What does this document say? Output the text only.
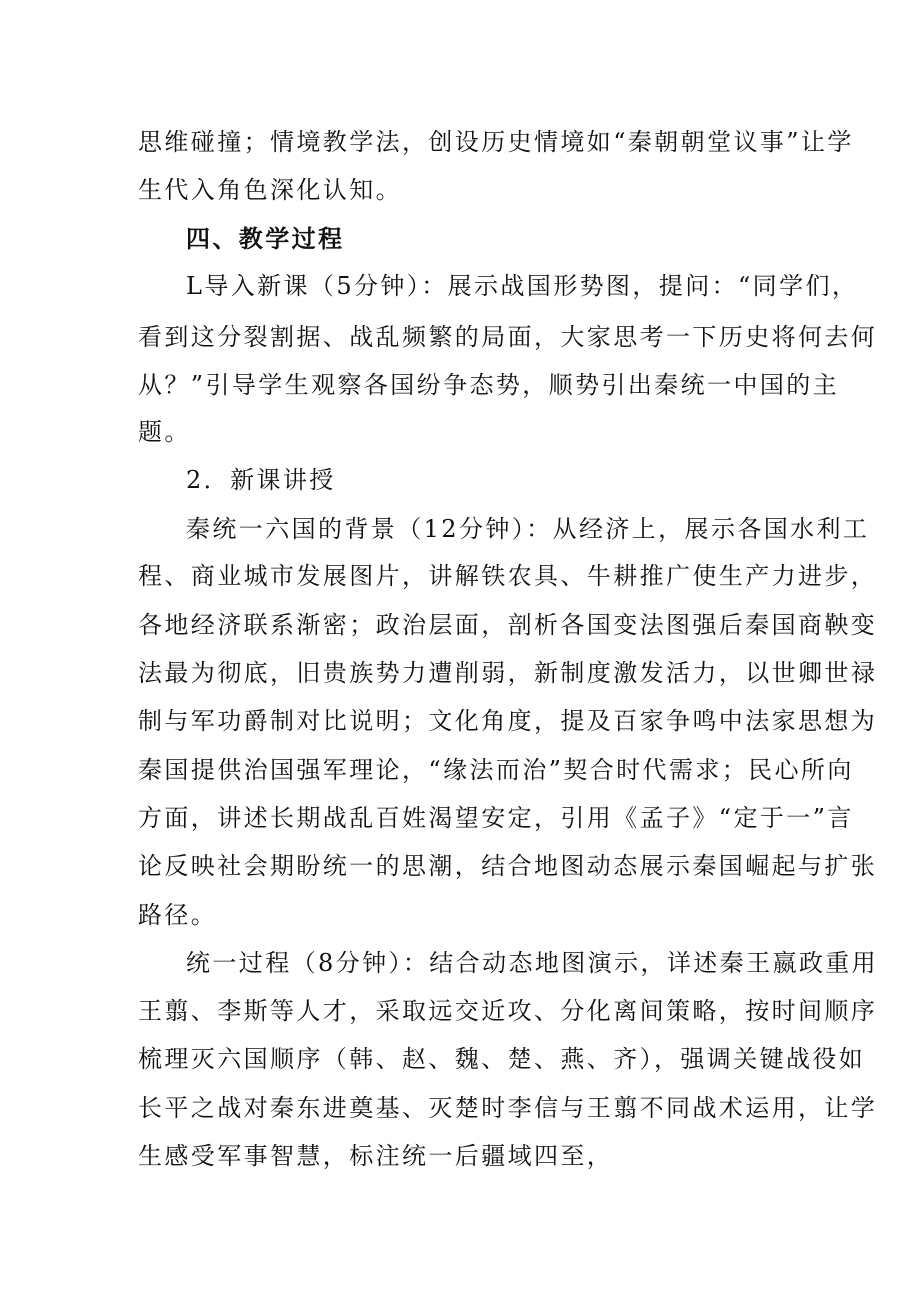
思维碰撞；情境教学法，创设历史情境如“秦朝朝堂议事”让学
生代入角色深化认知。
四、教学过程
L导入新课（5分钟）：展示战国形势图，提问：“同学们，
看到这分裂割据、战乱频繁的局面，大家思考一下历史将何去何
从？”引导学生观察各国纷争态势，顺势引出秦统一中国的主
题。
2．新课讲授
秦统一六国的背景（12分钟）：从经济上，展示各国水利工
程、商业城市发展图片，讲解铁农具、牛耕推广使生产力进步，
各地经济联系渐密；政治层面，剖析各国变法图强后秦国商鞅变
法最为彻底，旧贵族势力遭削弱，新制度激发活力，以世卿世禄
制与军功爵制对比说明；文化角度，提及百家争鸣中法家思想为
秦国提供治国强军理论，“缘法而治”契合时代需求；民心所向
方面，讲述长期战乱百姓渴望安定，引用《孟子》“定于一”言
论反映社会期盼统一的思潮，结合地图动态展示秦国崛起与扩张
路径。
统一过程（8分钟）：结合动态地图演示，详述秦王嬴政重用
王翦、李斯等人才，采取远交近攻、分化离间策略，按时间顺序
梳理灭六国顺序（韩、赵、魏、楚、燕、齐），强调关键战役如
长平之战对秦东进奠基、灭楚时李信与王翦不同战术运用，让学
生感受军事智慧，标注统一后疆域四至，
